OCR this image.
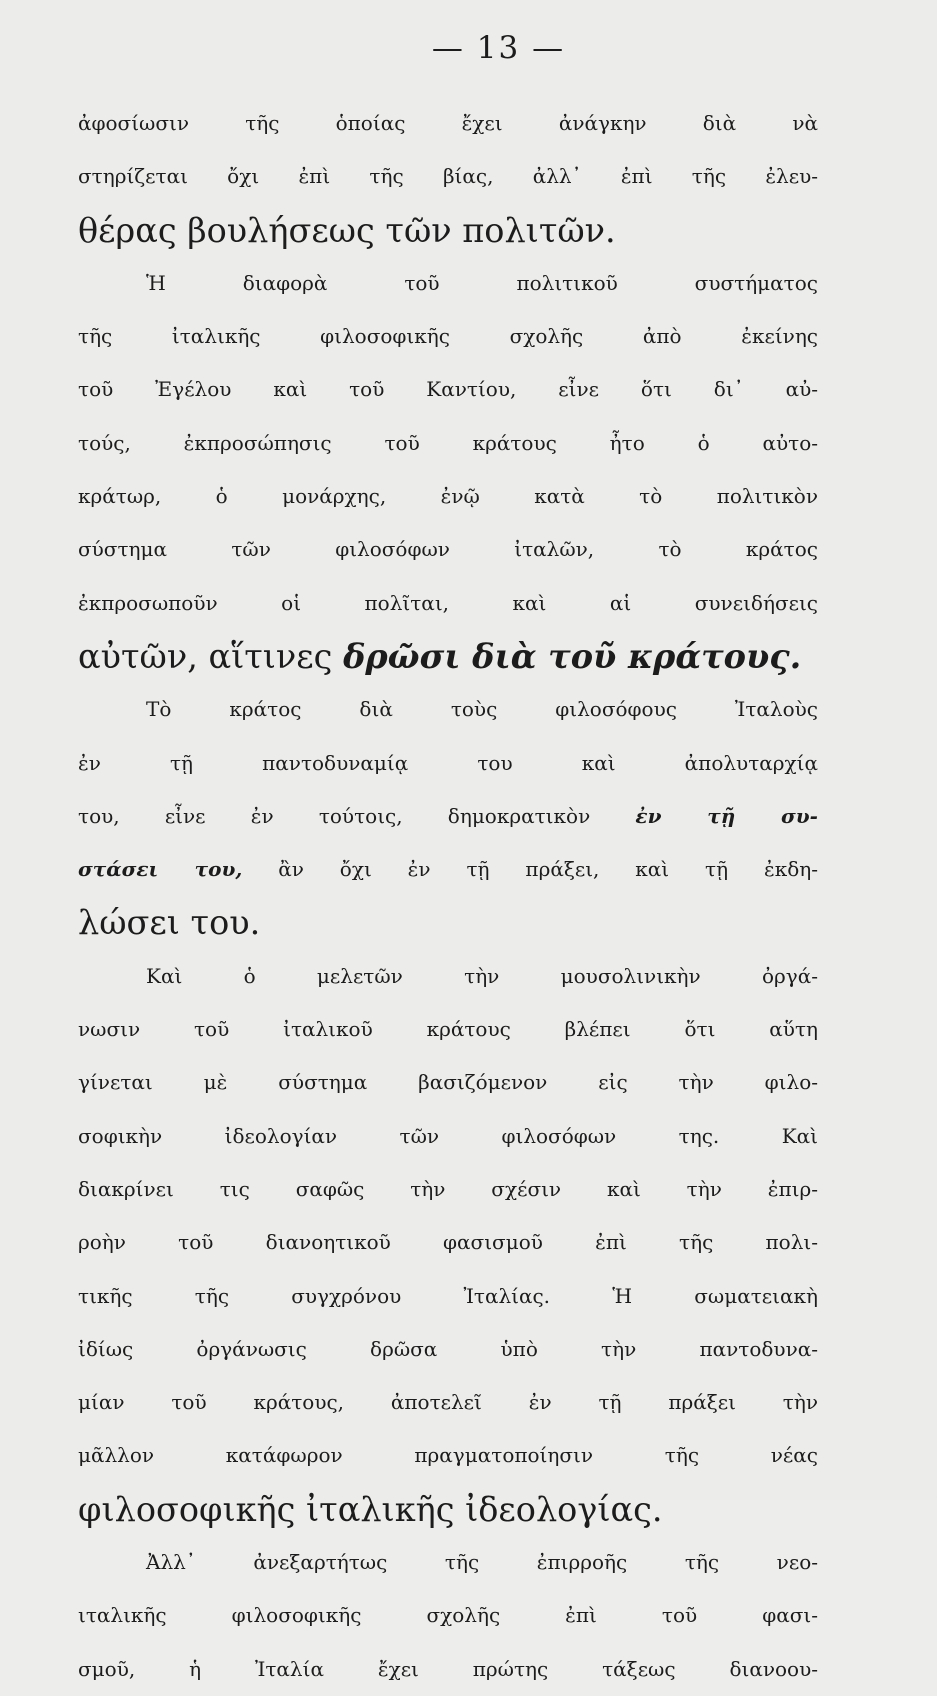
— 13 —
ἀφοσίωσιν τῆς ὁποίας ἔχει ἀνάγκην διὰ νὰ
στηρίζεται ὄχι ἐπὶ τῆς βίας, ἀλλ᾿ ἐπὶ τῆς ἐλευ-
θέρας βουλήσεως τῶν πολιτῶν.
Ἡ διαφορὰ τοῦ πολιτικοῦ συστήματος
τῆς ἰταλικῆς φιλοσοφικῆς σχολῆς ἀπὸ ἐκείνης
τοῦ Ἐγέλου καὶ τοῦ Καντίου, εἶνε ὅτι δι᾿ αὐ-
τούς, ἐκπροσώπησις τοῦ κράτους ἦτο ὁ αὐτο-
κράτωρ, ὁ μονάρχης, ἐνῷ κατὰ τὸ πολιτικὸν
σύστημα τῶν φιλοσόφων ἰταλῶν, τὸ κράτος
ἐκπροσωποῦν οἱ πολῖται, καὶ αἱ συνειδήσεις
αὐτῶν, αἵτινες δρῶσι διὰ τοῦ κράτους.
Τὸ κράτος διὰ τοὺς φιλοσόφους Ἰταλοὺς
ἐν τῇ παντοδυναμίᾳ του καὶ ἀπολυταρχίᾳ
του, εἶνε ἐν τούτοις, δημοκρατικὸν ἐν τῇ συ-
στάσει του, ἂν ὄχι ἐν τῇ πράξει, καὶ τῇ ἐκδη-
λώσει του.
Καὶ ὁ μελετῶν τὴν μουσολινικὴν ὀργά-
νωσιν τοῦ ἰταλικοῦ κράτους βλέπει ὅτι αὕτη
γίνεται μὲ σύστημα βασιζόμενον εἰς τὴν φιλο-
σοφικὴν ἰδεολογίαν τῶν φιλοσόφων της. Καὶ
διακρίνει τις σαφῶς τὴν σχέσιν καὶ τὴν ἐπιρ-
ροὴν τοῦ διανοητικοῦ φασισμοῦ ἐπὶ τῆς πολι-
τικῆς τῆς συγχρόνου Ἰταλίας. Ἡ σωματειακὴ
ἰδίως ὀργάνωσις δρῶσα ὑπὸ τὴν παντοδυνα-
μίαν τοῦ κράτους, ἀποτελεῖ ἐν τῇ πράξει τὴν
μᾶλλον κατάφωρον πραγματοποίησιν τῆς νέας
φιλοσοφικῆς ἰταλικῆς ἰδεολογίας.
Ἀλλ᾿ ἀνεξαρτήτως τῆς ἐπιρροῆς τῆς νεο-
ιταλικῆς φιλοσοφικῆς σχολῆς ἐπὶ τοῦ φασι-
σμοῦ, ἡ Ἰταλία ἔχει πρώτης τάξεως διανοου-
